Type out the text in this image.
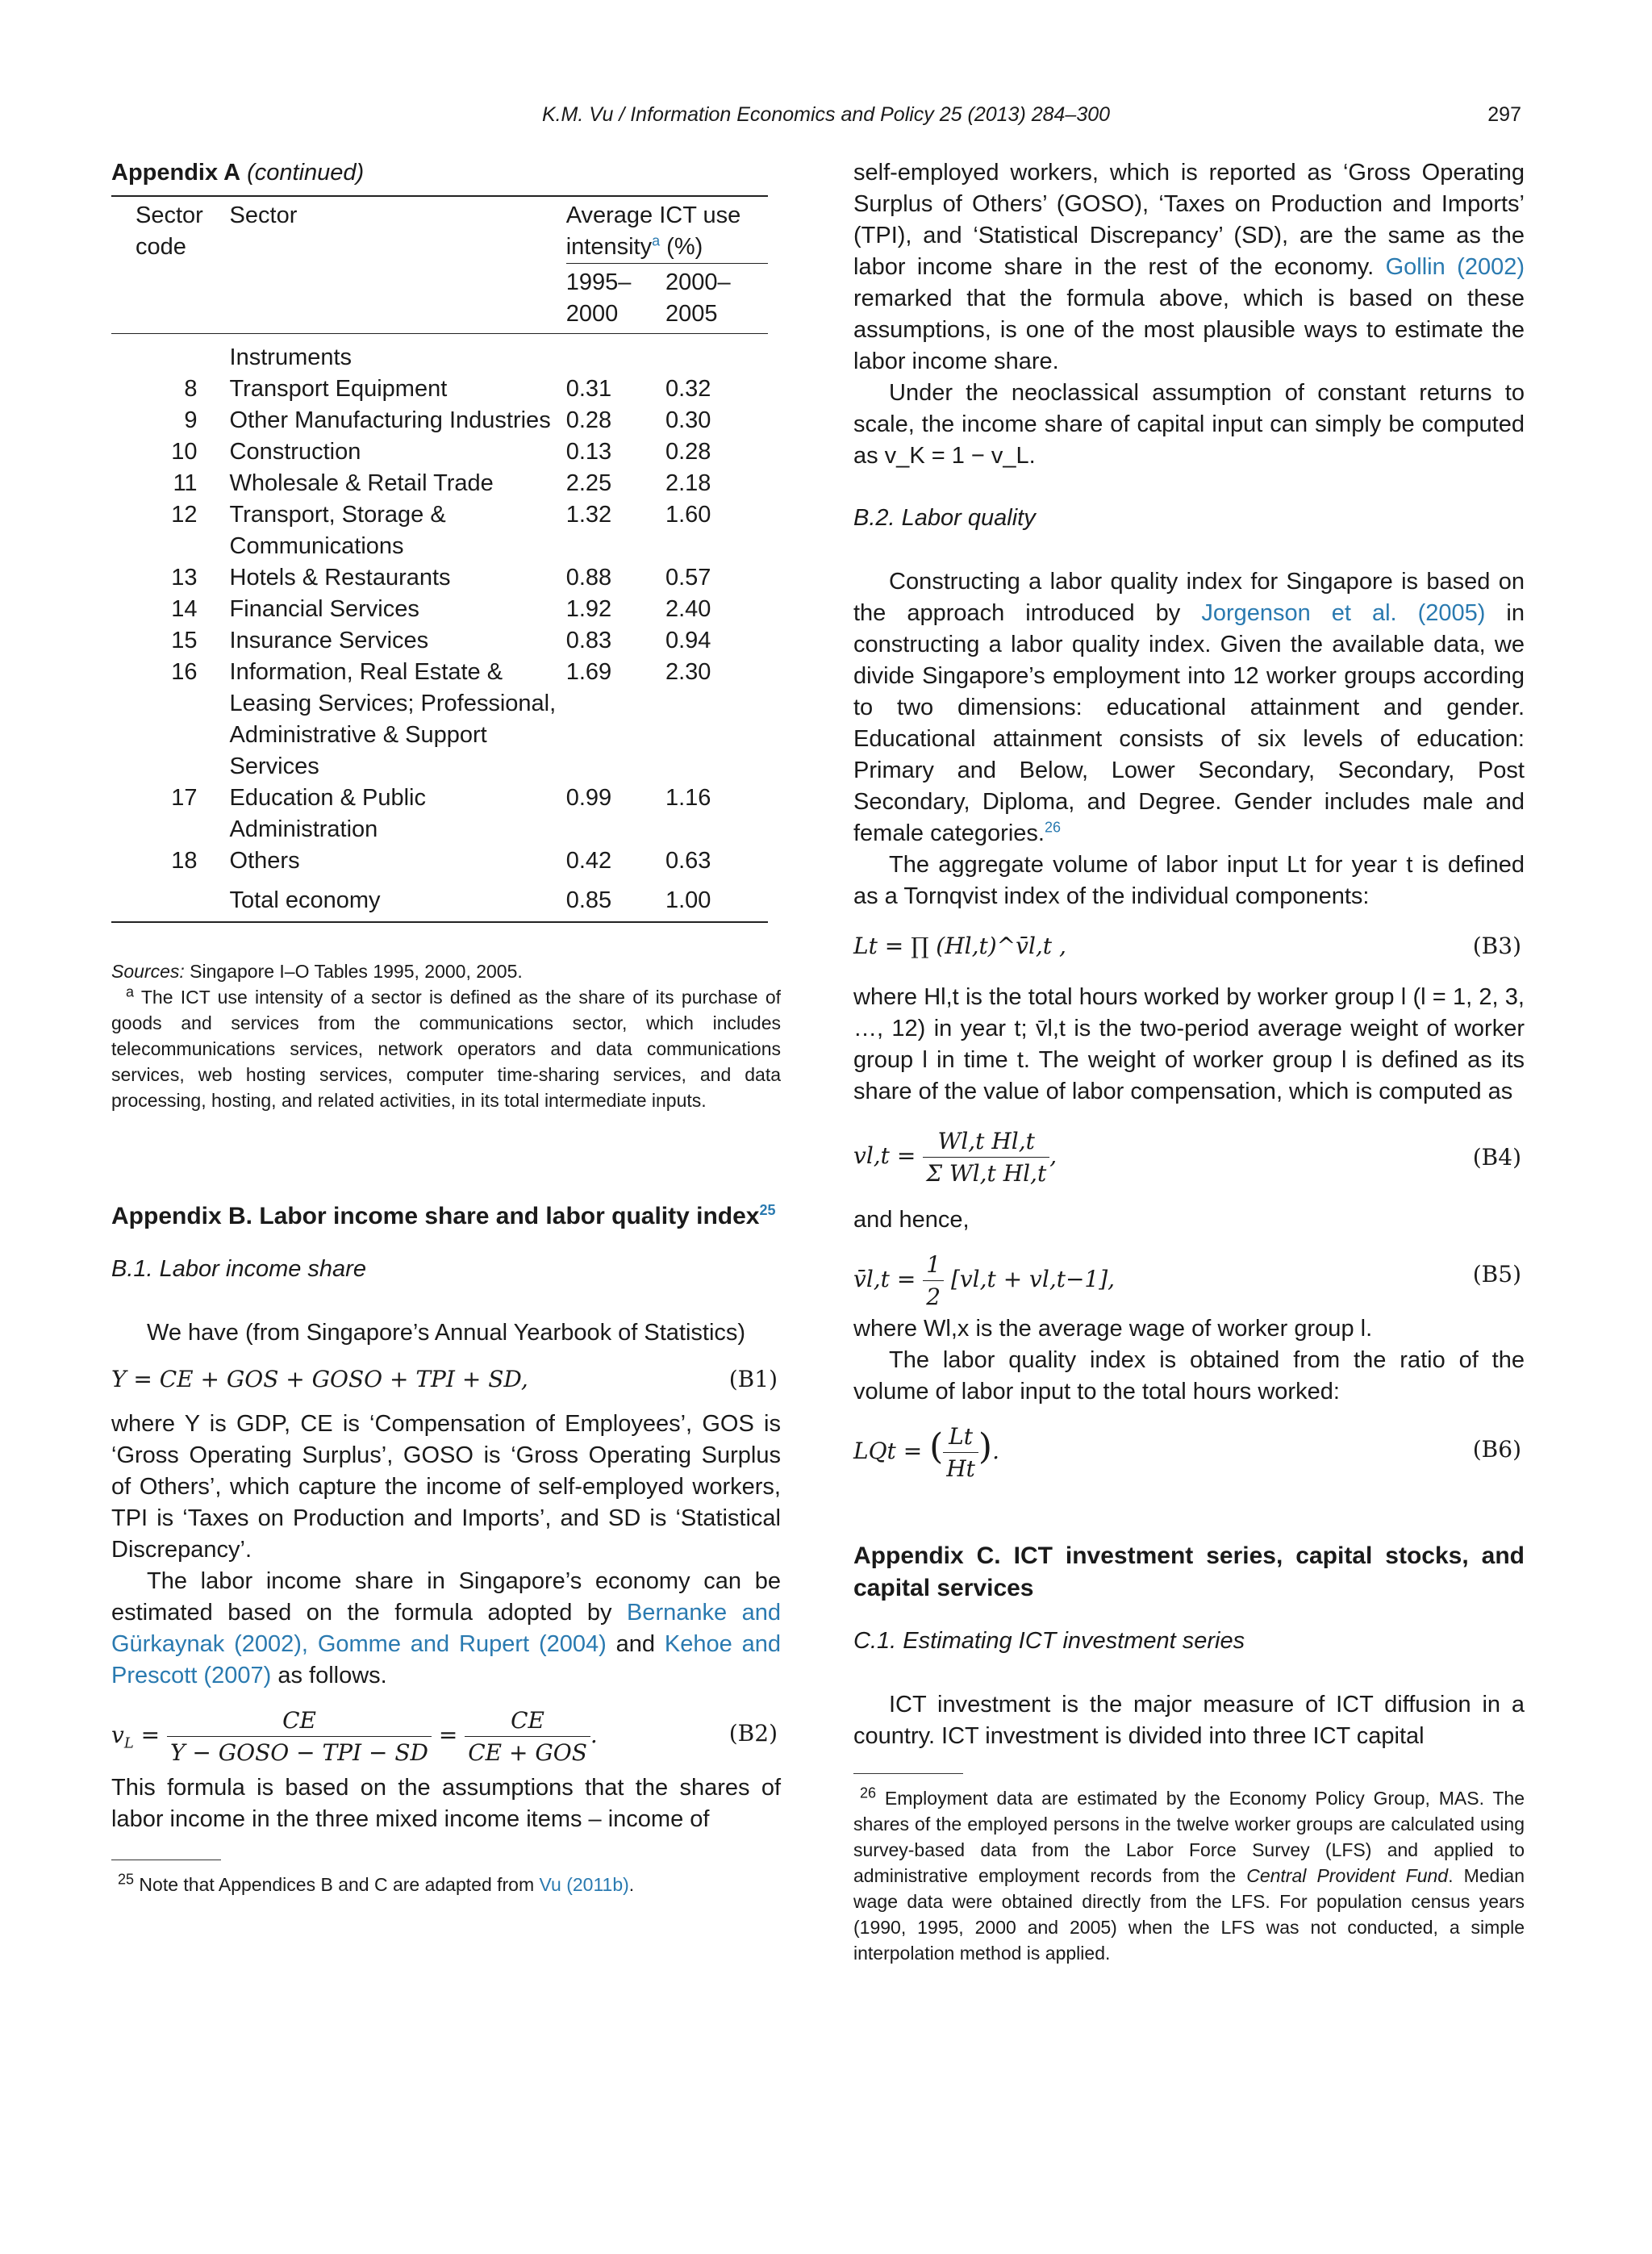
K.M. Vu / Information Economics and Policy 25 (2013) 284–300	297
Appendix A (continued)
Sector code	Sector	Average ICT use intensity$^a$ (%)	
		1995–2000	2000–2005

	Instruments		
8	Transport Equipment	0.31	0.32
9	Other Manufacturing Industries	0.28	0.30
10	Construction	0.13	0.28
11	Wholesale & Retail Trade	2.25	2.18
12	Transport, Storage & Communications	1.32	1.60
13	Hotels & Restaurants	0.88	0.57
14	Financial Services	1.92	2.40
15	Insurance Services	0.83	0.94
16	Information, Real Estate & Leasing Services; Professional, Administrative & Support Services	1.69	2.30
17	Education & Public Administration	0.99	1.16
18	Others	0.42	0.63

	Total economy	0.85	1.00

Sources: Singapore I–O Tables 1995, 2000, 2005.

$^a$ The ICT use intensity of a sector is defined as the share of its purchase of goods and services from the communications sector, which includes telecommunications services, network operators and data communications services, web hosting services, computer time-sharing services, and data processing, hosting, and related activities, in its total intermediate inputs.

Appendix B. Labor income share and labor quality index$^{25}$

B.1. Labor income share

We have (from Singapore’s Annual Yearbook of Statistics)

Y = CE + GOS + GOSO + TPI + SD,	(B1)

where Y is GDP, CE is ‘Compensation of Employees’, GOS is ‘Gross Operating Surplus’, GOSO is ‘Gross Operating Surplus of Others’, which capture the income of self-employed workers, TPI is ‘Taxes on Production and Imports’, and SD is ‘Statistical Discrepancy’.

The labor income share in Singapore’s economy can be estimated based on the formula adopted by Bernanke and Gürkaynak (2002), Gomme and Rupert (2004) and Kehoe and Prescott (2007) as follows.

$v_L = \frac{CE}{\text{Y − GOSO − TPI − SD}} = \frac{CE}{\text{CE + GOS}}$ .	(B2)

This formula is based on the assumptions that the shares of labor income in the three mixed income items – income of

$^{25}$ Note that Appendices B and C are adapted from Vu (2011b).

self-employed workers, which is reported as ‘Gross Operating Surplus of Others’ (GOSO), ‘Taxes on Production and Imports’ (TPI), and ‘Statistical Discrepancy’ (SD), are the same as the labor income share in the rest of the economy. Gollin (2002) remarked that the formula above, which is based on these assumptions, is one of the most plausible ways to estimate the labor income share.

Under the neoclassical assumption of constant returns to scale, the income share of capital input can simply be computed as v_K = 1 − v_L.

B.2. Labor quality

Constructing a labor quality index for Singapore is based on the approach introduced by Jorgenson et al. (2005) in constructing a labor quality index. Given the available data, we divide Singapore’s employment into 12 worker groups according to two dimensions: educational attainment and gender. Educational attainment consists of six levels of education: Primary and Below, Lower Secondary, Secondary, Post Secondary, Diploma, and Degree. Gender includes male and female categories.$^{26}$

The aggregate volume of labor input Lt for year t is defined as a Tornqvist index of the individual components:

Lt = ∏ (Hl,t)^v̄l,t ,	(B3)

where Hl,t is the total hours worked by worker group l (l = 1, 2, 3, …, 12) in year t; v̄l,t is the two-period average weight of worker group l in time t. The weight of worker group l is defined as its share of the value of labor compensation, which is computed as

$vl,t = \frac{\text{Wl,t Hl,t}}{\text{Σ Wl,t Hl,t}}$ ,	(B4)

and hence,

v̄l,t = $\frac{1}{2} [vl,t + vl,t-1]$,	(B5)

where Wl,x is the average wage of worker group l.

The labor quality index is obtained from the ratio of the volume of labor input to the total hours worked:

LQt = ( $\frac{Lt}{Ht}$ ).	(B6)

Appendix C. ICT investment series, capital stocks, and capital services

C.1. Estimating ICT investment series

ICT investment is the major measure of ICT diffusion in a country. ICT investment is divided into three ICT capital

$^{26}$ Employment data are estimated by the Economy Policy Group, MAS. The shares of the employed persons in the twelve worker groups are calculated using survey-based data from the Labor Force Survey (LFS) and applied to administrative employment records from the Central Provident Fund. Median wage data were obtained directly from the LFS. For population census years (1990, 1995, 2000 and 2005) when the LFS was not conducted, a simple interpolation method is applied.
